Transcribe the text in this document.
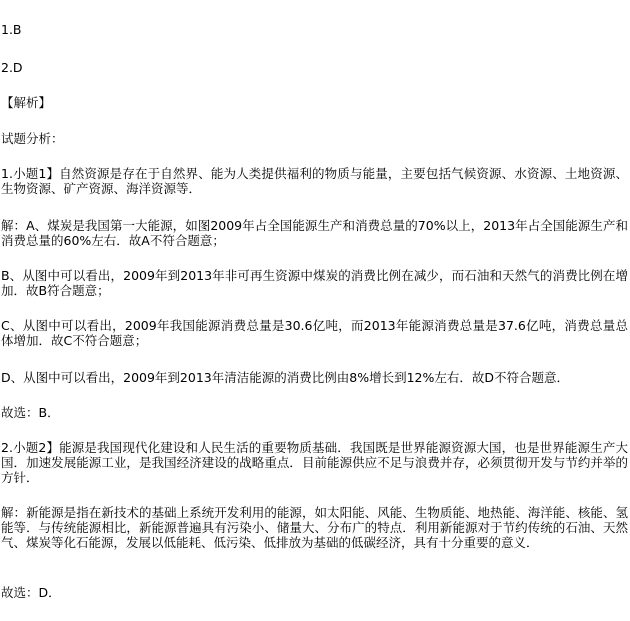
1.B
2.D
【解析】
试题分析：
1.小题1】自然资源是存在于自然界、能为人类提供福利的物质与能量，主要包括气候资源、水资源、土地资源、生物资源、矿产资源、海洋资源等．
解：A、煤炭是我国第一大能源，如图2009年占全国能源生产和消费总量的70%以上，2013年占全国能源生产和消费总量的60%左右．故A不符合题意；
B、从图中可以看出，2009年到2013年非可再生资源中煤炭的消费比例在减少，而石油和天然气的消费比例在增加．故B符合题意；
C、从图中可以看出，2009年我国能源消费总量是30.6亿吨，而2013年能源消费总量是37.6亿吨，消费总量总体增加．故C不符合题意；
D、从图中可以看出，2009年到2013年清洁能源的消费比例由8%增长到12%左右．故D不符合题意．
故选：B．
2.小题2】能源是我国现代化建设和人民生活的重要物质基础．我国既是世界能源资源大国，也是世界能源生产大国．加速发展能源工业，是我国经济建设的战略重点．目前能源供应不足与浪费并存，必须贯彻开发与节约并举的方针．
解：新能源是指在新技术的基础上系统开发利用的能源，如太阳能、风能、生物质能、地热能、海洋能、核能、氢能等．与传统能源相比，新能源普遍具有污染小、储量大、分布广的特点．利用新能源对于节约传统的石油、天然气、煤炭等化石能源，发展以低能耗、低污染、低排放为基础的低碳经济，具有十分重要的意义．
故选：D．
